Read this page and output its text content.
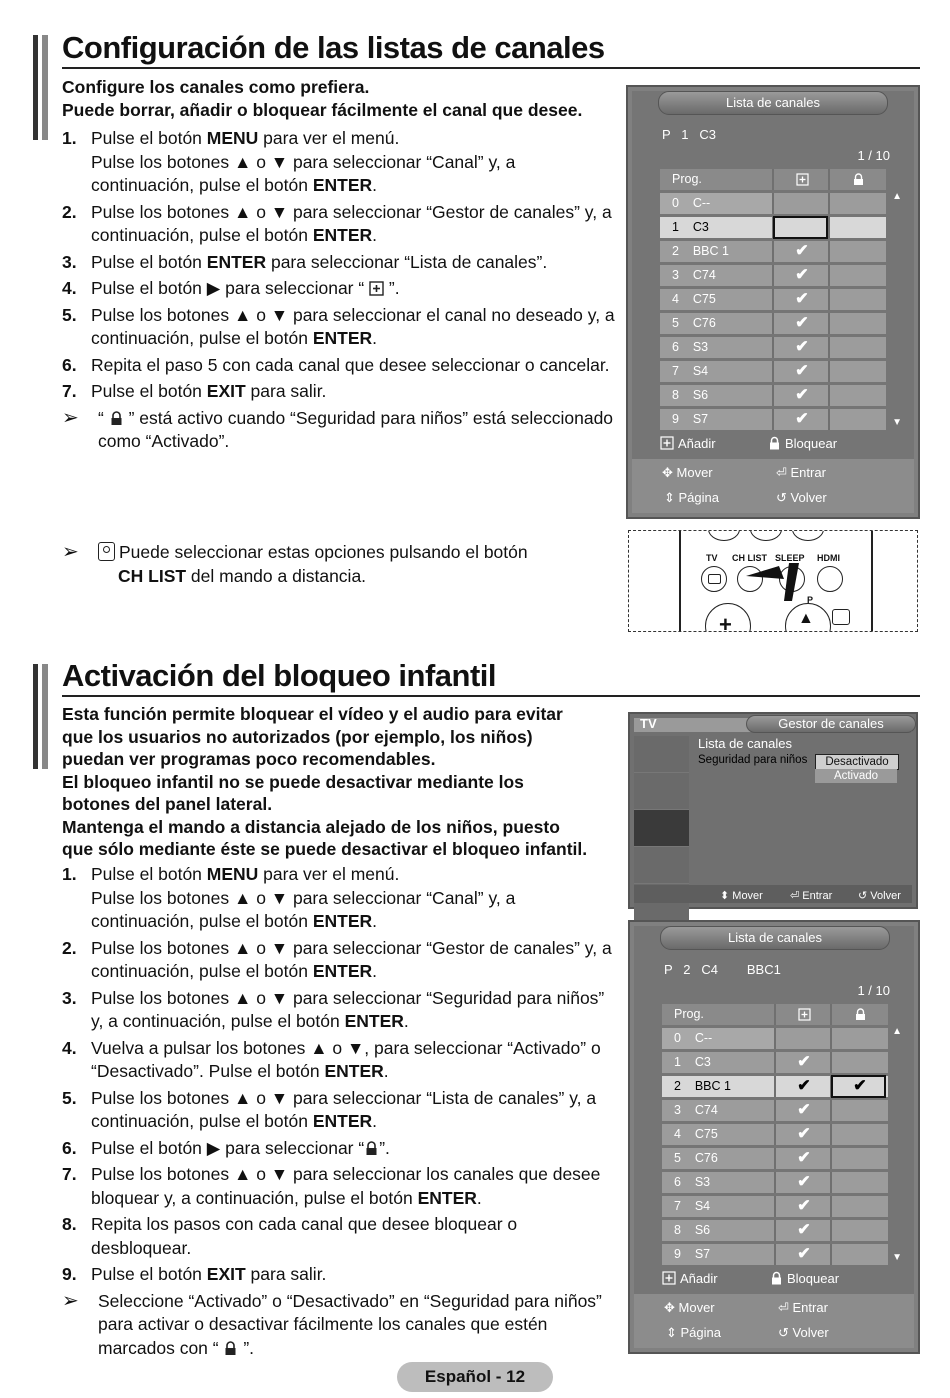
Configuración de las listas de canales
Configure los canales como prefiera.
Puede borrar, añadir o bloquear fácilmente el canal que desee.
1. Pulse el botón MENU para ver el menú.
Pulse los botones ▲ o ▼ para seleccionar “Canal” y, a continuación, pulse el botón ENTER.
2. Pulse los botones ▲ o ▼ para seleccionar “Gestor de canales” y, a continuación, pulse el botón ENTER.
3. Pulse el botón ENTER para seleccionar “Lista de canales”.
4. Pulse el botón ▶ para seleccionar “  ”.
5. Pulse los botones ▲ o ▼ para seleccionar el canal no deseado y, a continuación, pulse el botón ENTER.
6. Repita el paso 5 con cada canal que desee seleccionar o cancelar.
7. Pulse el botón EXIT para salir.
➢	“  ” está activo cuando “Seguridad para niños” está seleccionado como “Activado”.
➢	Puede seleccionar estas opciones pulsando el botón
CH LIST del mando a distancia.
Lista de canales
P   1   C3
1 / 10
Prog.
0    C--
1    C3
2    BBC 1	✔
3    C74	✔
4    C75	✔
5    C76	✔
6    S3	✔
7    S4	✔
8    S6	✔
9    S7	✔
▲
▼
Añadir	Bloquear
✥ Mover	⏎ Entrar
⇕ Página	↺ Volver
TV CH LIST SLEEP HDMI
P
+	▲
Activación del bloqueo infantil
Esta función permite bloquear el vídeo y el audio para evitar
que los usuarios no autorizados (por ejemplo, los niños)
puedan ver programas poco recomendables.
El bloqueo infantil no se puede desactivar mediante los
botones del panel lateral.
Mantenga el mando a distancia alejado de los niños, puesto
que sólo mediante éste se puede desactivar el bloqueo infantil.
1. Pulse el botón MENU para ver el menú.
Pulse los botones ▲ o ▼ para seleccionar “Canal” y, a continuación, pulse el botón ENTER.
2. Pulse los botones ▲ o ▼ para seleccionar “Gestor de canales” y, a continuación, pulse el botón ENTER.
3. Pulse los botones ▲ o ▼ para seleccionar “Seguridad para niños” y, a continuación, pulse el botón ENTER.
4. Vuelva a pulsar los botones ▲ o ▼, para seleccionar “Activado” o “Desactivado”. Pulse el botón ENTER.
5. Pulse los botones ▲ o ▼ para seleccionar “Lista de canales” y, a continuación, pulse el botón ENTER.
6. Pulse el botón ▶ para seleccionar “ ”.
7. Pulse los botones ▲ o ▼ para seleccionar los canales que desee bloquear y, a continuación, pulse el botón ENTER.
8. Repita los pasos con cada canal que desee bloquear o desbloquear.
9. Pulse el botón EXIT para salir.
➢	Seleccione “Activado” o “Desactivado” en “Seguridad para niños” para activar o desactivar fácilmente los canales que estén marcados con “  ”.
TV	Gestor de canales
Lista de canales
Seguridad para niños	Desactivado
Activado
⬍ Mover ⏎ Entrar ↺ Volver
Lista de canales
P   2   C4        BBC1
1 / 10
Prog.
0    C--
1    C3	✔
2    BBC 1	✔	✔
3    C74	✔
4    C75	✔
5    C76	✔
6    S3	✔
7    S4	✔
8    S6	✔
9    S7	✔
▲
▼
Añadir	Bloquear
✥ Mover	⏎ Entrar
⇕ Página	↺ Volver
Español - 12
